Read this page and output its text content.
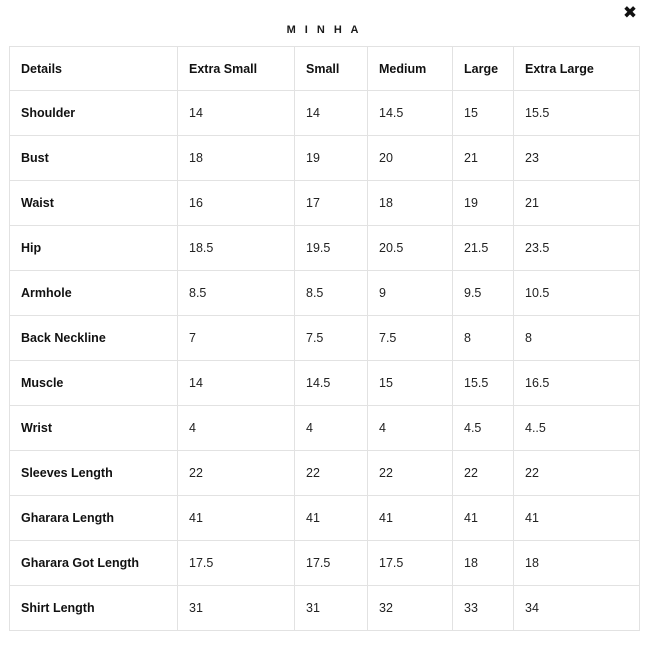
✖
M I N H A
Details	Extra Small	Small	Medium	Large	Extra Large
Shoulder	14	14	14.5	15	15.5
Bust	18	19	20	21	23
Waist	16	17	18	19	21
Hip	18.5	19.5	20.5	21.5	23.5
Armhole	8.5	8.5	9	9.5	10.5
Back Neckline	7	7.5	7.5	8	8
Muscle	14	14.5	15	15.5	16.5
Wrist	4	4	4	4.5	4..5
Sleeves Length	22	22	22	22	22
Gharara Length	41	41	41	41	41
Gharara Got Length	17.5	17.5	17.5	18	18
Shirt Length	31	31	32	33	34
